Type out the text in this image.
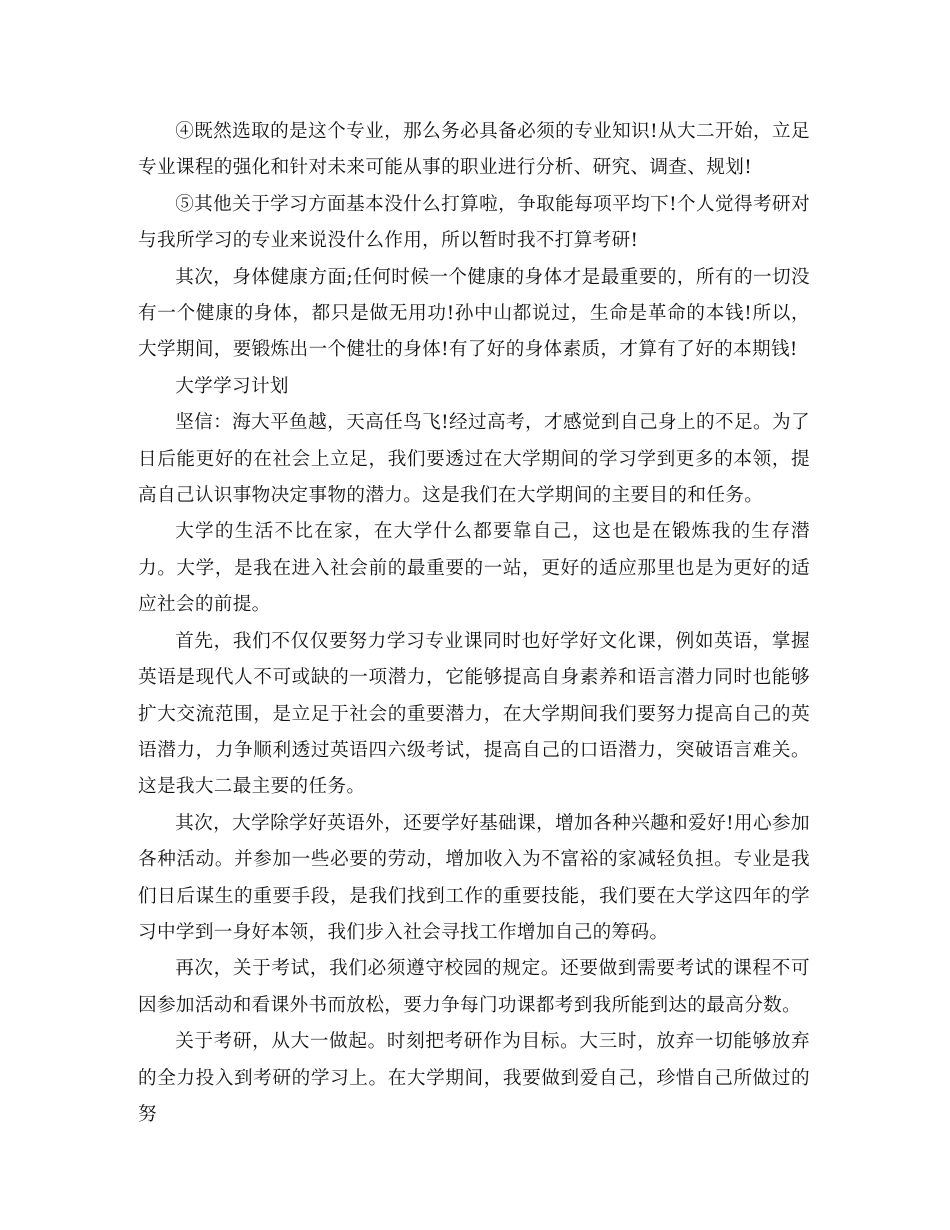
④既然选取的是这个专业，那么务必具备必须的专业知识!从大二开始，立足专业课程的强化和针对未来可能从事的职业进行分析、研究、调查、规划!

⑤其他关于学习方面基本没什么打算啦，争取能每项平均下!个人觉得考研对与我所学习的专业来说没什么作用，所以暂时我不打算考研!

其次，身体健康方面;任何时候一个健康的身体才是最重要的，所有的一切没有一个健康的身体，都只是做无用功!孙中山都说过，生命是革命的本钱!所以，大学期间，要锻炼出一个健壮的身体!有了好的身体素质，才算有了好的本期钱!

大学学习计划

坚信：海大平鱼越，天高任鸟飞!经过高考，才感觉到自己身上的不足。为了日后能更好的在社会上立足，我们要透过在大学期间的学习学到更多的本领，提高自己认识事物决定事物的潜力。这是我们在大学期间的主要目的和任务。

大学的生活不比在家，在大学什么都要靠自己，这也是在锻炼我的生存潜力。大学，是我在进入社会前的最重要的一站，更好的适应那里也是为更好的适应社会的前提。

首先，我们不仅仅要努力学习专业课同时也好学好文化课，例如英语，掌握英语是现代人不可或缺的一项潜力，它能够提高自身素养和语言潜力同时也能够扩大交流范围，是立足于社会的重要潜力，在大学期间我们要努力提高自己的英语潜力，力争顺利透过英语四六级考试，提高自己的口语潜力，突破语言难关。这是我大二最主要的任务。

其次，大学除学好英语外，还要学好基础课，增加各种兴趣和爱好!用心参加各种活动。并参加一些必要的劳动，增加收入为不富裕的家减轻负担。专业是我们日后谋生的重要手段，是我们找到工作的重要技能，我们要在大学这四年的学习中学到一身好本领，我们步入社会寻找工作增加自己的筹码。

再次，关于考试，我们必须遵守校园的规定。还要做到需要考试的课程不可因参加活动和看课外书而放松，要力争每门功课都考到我所能到达的最高分数。

关于考研，从大一做起。时刻把考研作为目标。大三时，放弃一切能够放弃的全力投入到考研的学习上。在大学期间，我要做到爱自己，珍惜自己所做过的努
